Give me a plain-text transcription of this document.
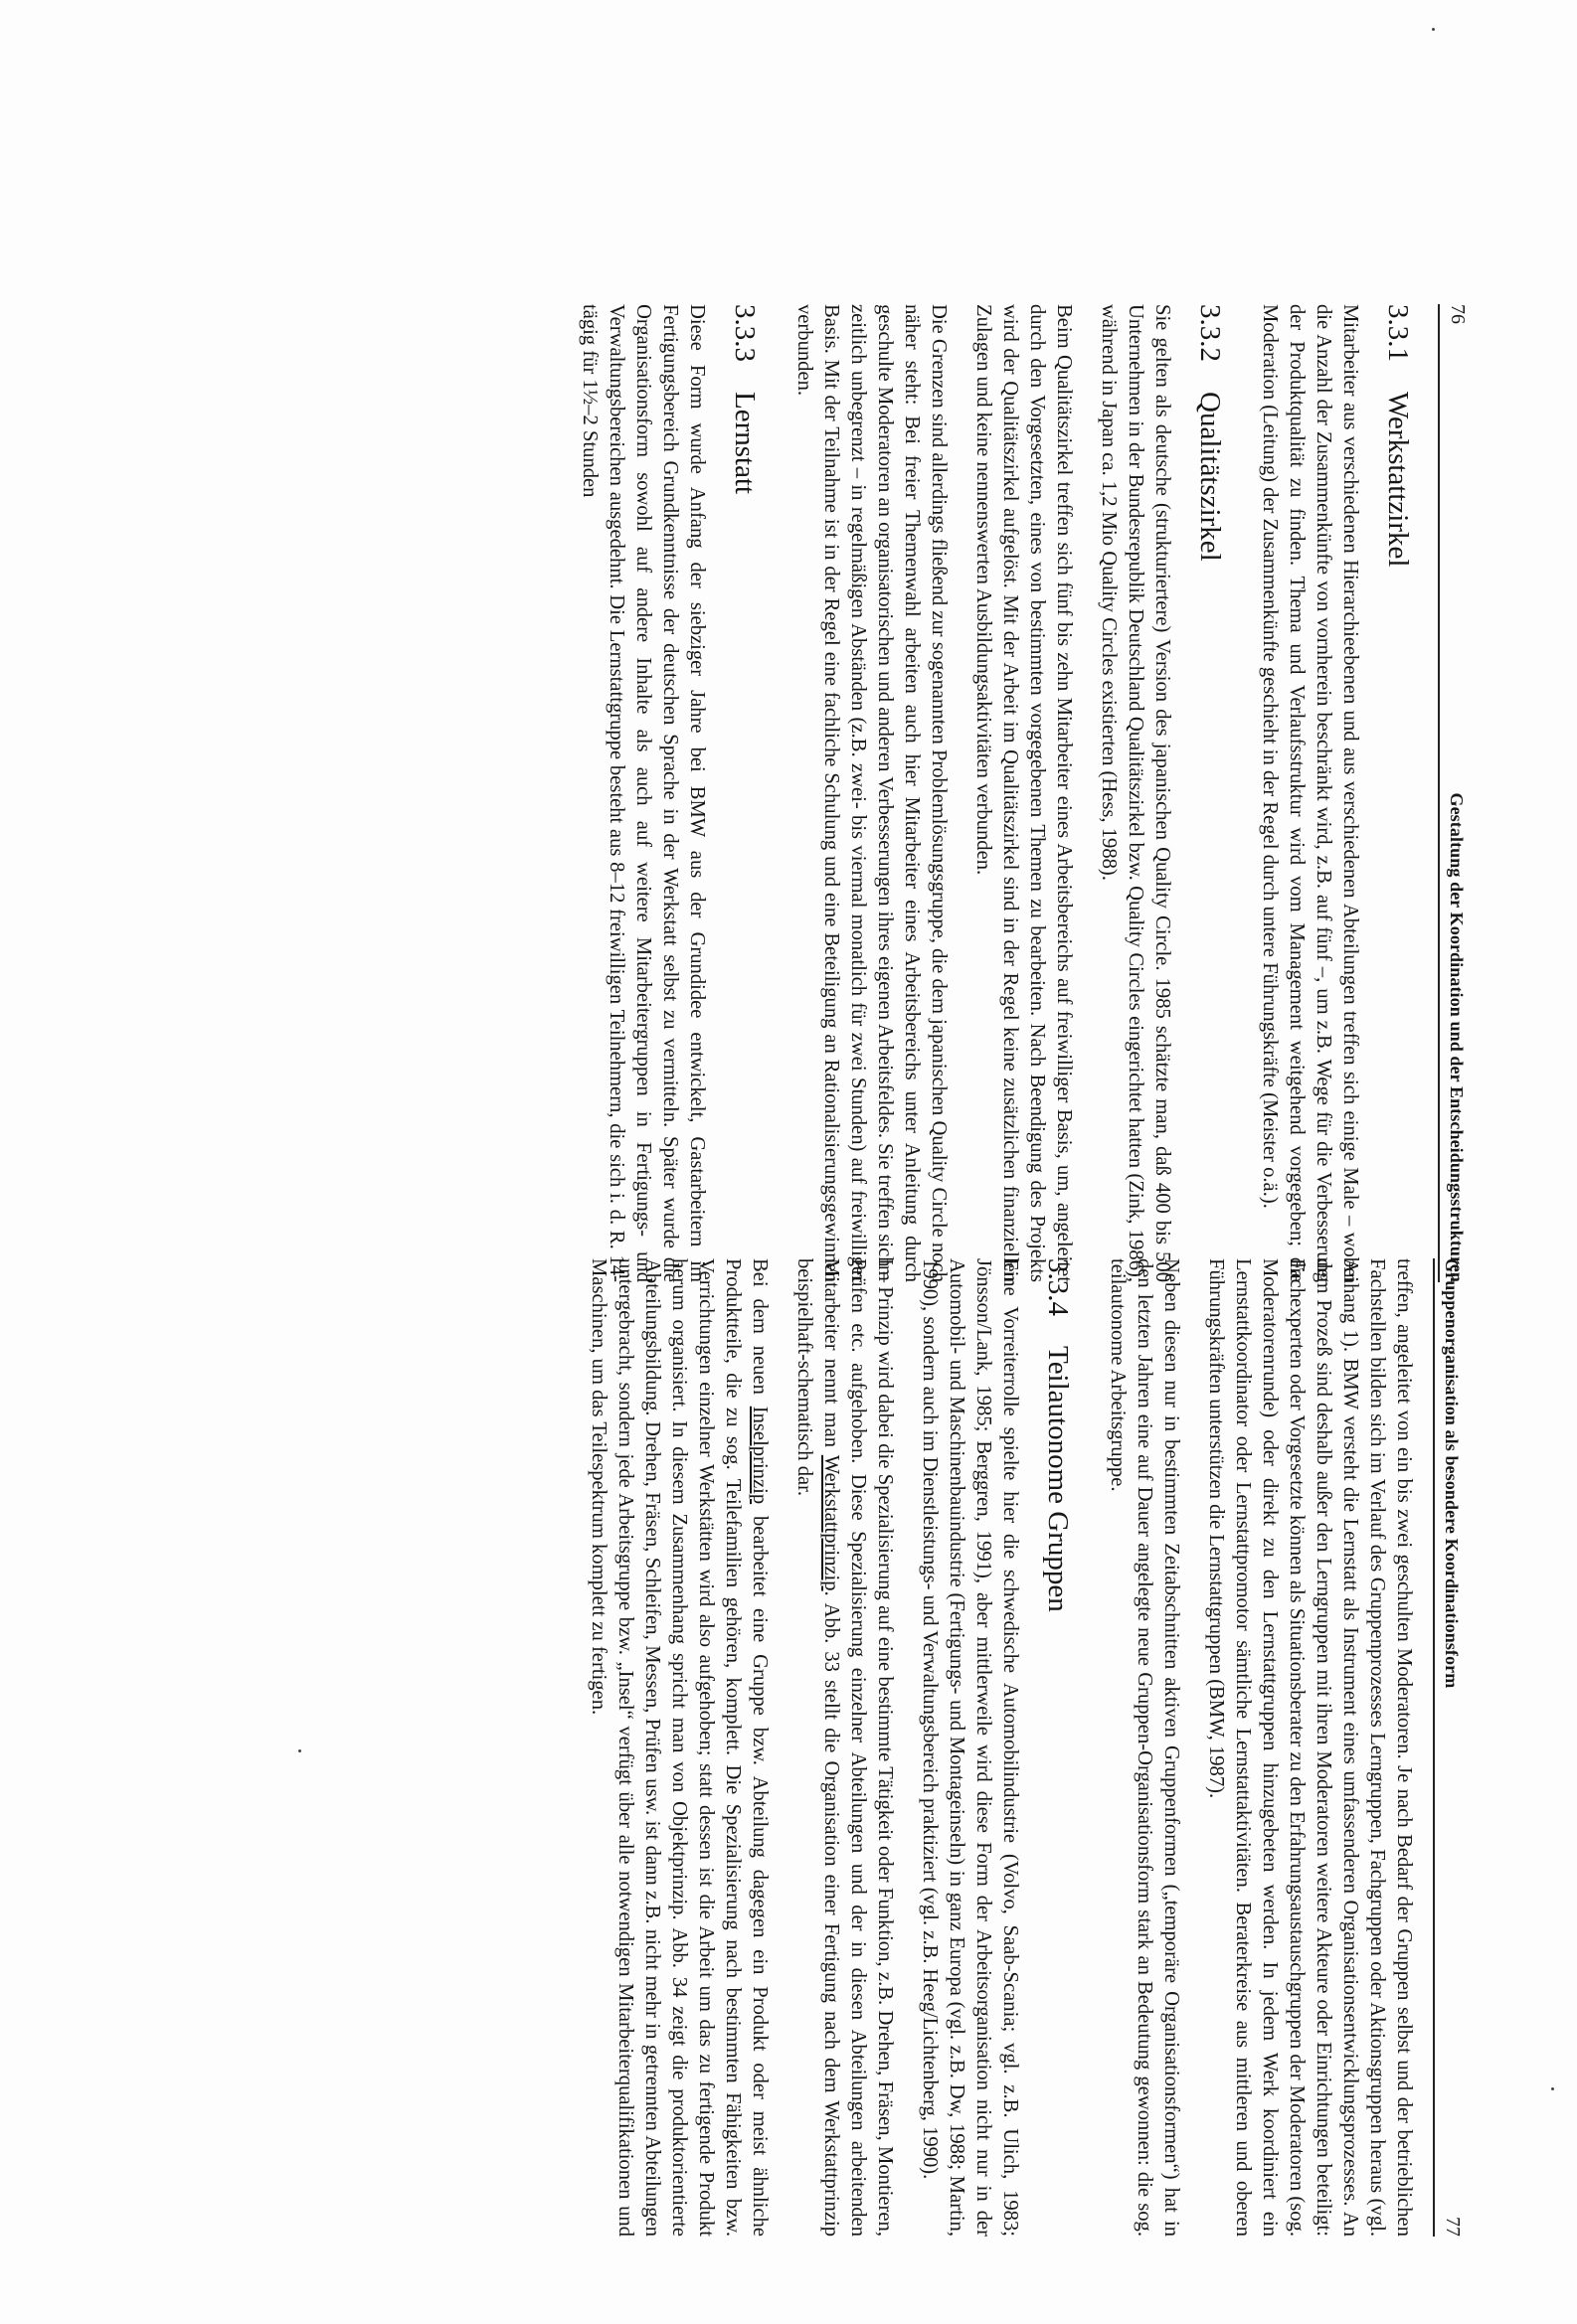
76
Gestaltung der Koordination und der Entscheidungsstrukturen
3.3.1
Werkstattzirkel

Mitarbeiter aus verschiedenen Hierarchieebenen und aus verschiedenen Abteilungen treffen sich einige Male – wobei die Anzahl der Zusammenkünfte von vornherein beschränkt wird, z.B. auf fünf –, um z.B. Wege für die Verbesserung der Produktqualität zu finden. Thema und Verlaufsstruktur wird vom Management weitgehend vorgegeben; die Moderation (Leitung) der Zusammenkünfte geschieht in der Regel durch untere Führungskräfte (Meister o.ä.).

3.3.2
Qualitätszirkel

Sie gelten als deutsche (strukturiertere) Version des japanischen Quality Circle. 1985 schätzte man, daß 400 bis 500 Unternehmen in der Bundesrepublik Deutschland Qualitätszirkel bzw. Quality Circles eingerichtet hatten (Zink, 1986), während in Japan ca. 1,2 Mio Quality Circles existierten (Hess, 1988).

Beim Qualitätszirkel treffen sich fünf bis zehn Mitarbeiter eines Arbeitsbereichs auf freiwilliger Basis, um, angeleitet durch den Vorgesetzten, eines von bestimmten vorgegebenen Themen zu bearbeiten. Nach Beendigung des Projekts wird der Qualitätszirkel aufgelöst. Mit der Arbeit im Qualitätszirkel sind in der Regel keine zusätzlichen finanziellen Zulagen und keine nennenswerten Ausbildungsaktivitäten verbunden.

Die Grenzen sind allerdings fließend zur sogenannten Problemlösungsgruppe, die dem japanischen Quality Circle noch näher steht: Bei freier Themenwahl arbeiten auch hier Mitarbeiter eines Arbeitsbereichs unter Anleitung durch geschulte Moderatoren an organisatorischen und anderen Verbesserungen ihres eigenen Arbeitsfeldes. Sie treffen sich – zeitlich unbegrenzt – in regelmäßigen Abständen (z.B. zwei- bis viermal monatlich für zwei Stunden) auf freiwilliger Basis. Mit der Teilnahme ist in der Regel eine fachliche Schulung und eine Beteiligung an Rationalisierungsgewinnen verbunden.

3.3.3
Lernstatt

Diese Form wurde Anfang der siebziger Jahre bei BMW aus der Grundidee entwickelt, Gastarbeitern im Fertigungsbereich Grundkenntnisse der deutschen Sprache in der Werkstatt selbst zu vermitteln. Später wurde die Organisationsform sowohl auf andere Inhalte als auch auf weitere Mitarbeitergruppen in Fertigungs- und Verwaltungsbereichen ausgedehnt. Die Lernstattgruppe besteht aus 8–12 freiwilligen Teilnehmern, die sich i. d. R. 14-tägig für 1½–2 Stunden

Gruppenorganisation als besondere Koordinationsform
77

treffen, angeleitet von ein bis zwei geschulten Moderatoren. Je nach Bedarf der Gruppen selbst und der betrieblichen Fachstellen bilden sich im Verlauf des Gruppenprozesses Lerngruppen, Fachgruppen oder Aktionsgruppen heraus (vgl. Anhang 1). BMW versteht die Lernstatt als Instrument eines umfassenderen Organisationsentwicklungsprozesses. An dem Prozeß sind deshalb außer den Lerngruppen mit ihren Moderatoren weitere Akteure oder Einrichtungen beteiligt: Fachexperten oder Vorgesetzte können als Situationsberater zu den Erfahrungsaustauschgruppen der Moderatoren (sog. Moderatorenrunde) oder direkt zu den Lernstattgruppen hinzugebeten werden. In jedem Werk koordiniert ein Lernstattkoordinator oder Lernstattpromotor sämtliche Lernstattaktivitäten. Beraterkreise aus mittleren und oberen Führungskräften unterstützen die Lernstattgruppen (BMW, 1987).

Neben diesen nur in bestimmten Zeitabschnitten aktiven Gruppenformen („temporäre Organisationsformen“) hat in den letzten Jahren eine auf Dauer angelegte neue Gruppen-Organisationsform stark an Bedeutung gewonnen: die sog. teilautonome Arbeitsgruppe.

3.3.4
Teilautonome Gruppen

Eine Vorreiterrolle spielte hier die schwedische Automobilindustrie (Volvo, Saab-Scania; vgl. z.B. Ulich, 1983; Jönsson/Lank, 1985; Berggren, 1991), aber mittlerweile wird diese Form der Arbeitsorganisation nicht nur in der Automobil- und Maschinenbauindustrie (Fertigungs- und Montageinseln) in ganz Europa (vgl. z.B. Dw, 1988; Martin, 1990), sondern auch im Dienstleistungs- und Verwaltungsbereich praktiziert (vgl. z.B. Heeg/Lichtenberg, 1990).

Im Prinzip wird dabei die Spezialisierung auf eine bestimmte Tätigkeit oder Funktion, z.B. Drehen, Fräsen, Montieren, Prüfen etc. aufgehoben. Diese Spezialisierung einzelner Abteilungen und der in diesen Abteilungen arbeitenden Mitarbeiter nennt man Werkstattprinzip. Abb. 33 stellt die Organisation einer Fertigung nach dem Werkstattprinzip beispielhaft-schematisch dar.

Bei dem neuen Inselprinzip bearbeitet eine Gruppe bzw. Abteilung dagegen ein Produkt oder meist ähnliche Produktteile, die zu sog. Teilefamilien gehören, komplett. Die Spezialisierung nach bestimmten Fähigkeiten bzw. Verrichtungen einzelner Werkstätten wird also aufgehoben; statt dessen ist die Arbeit um das zu fertigende Produkt herum organisiert. In diesem Zusammenhang spricht man von Objektprinzip. Abb. 34 zeigt die produktorientierte Abteilungsbildung. Drehen, Fräsen, Schleifen, Messen, Prüfen usw. ist dann z.B. nicht mehr in getrennten Abteilungen untergebracht, sondern jede Arbeitsgruppe bzw. „Insel“ verfügt über alle notwendigen Mitarbeiterqualifikationen und Maschinen, um das Teilespektrum komplett zu fertigen.
